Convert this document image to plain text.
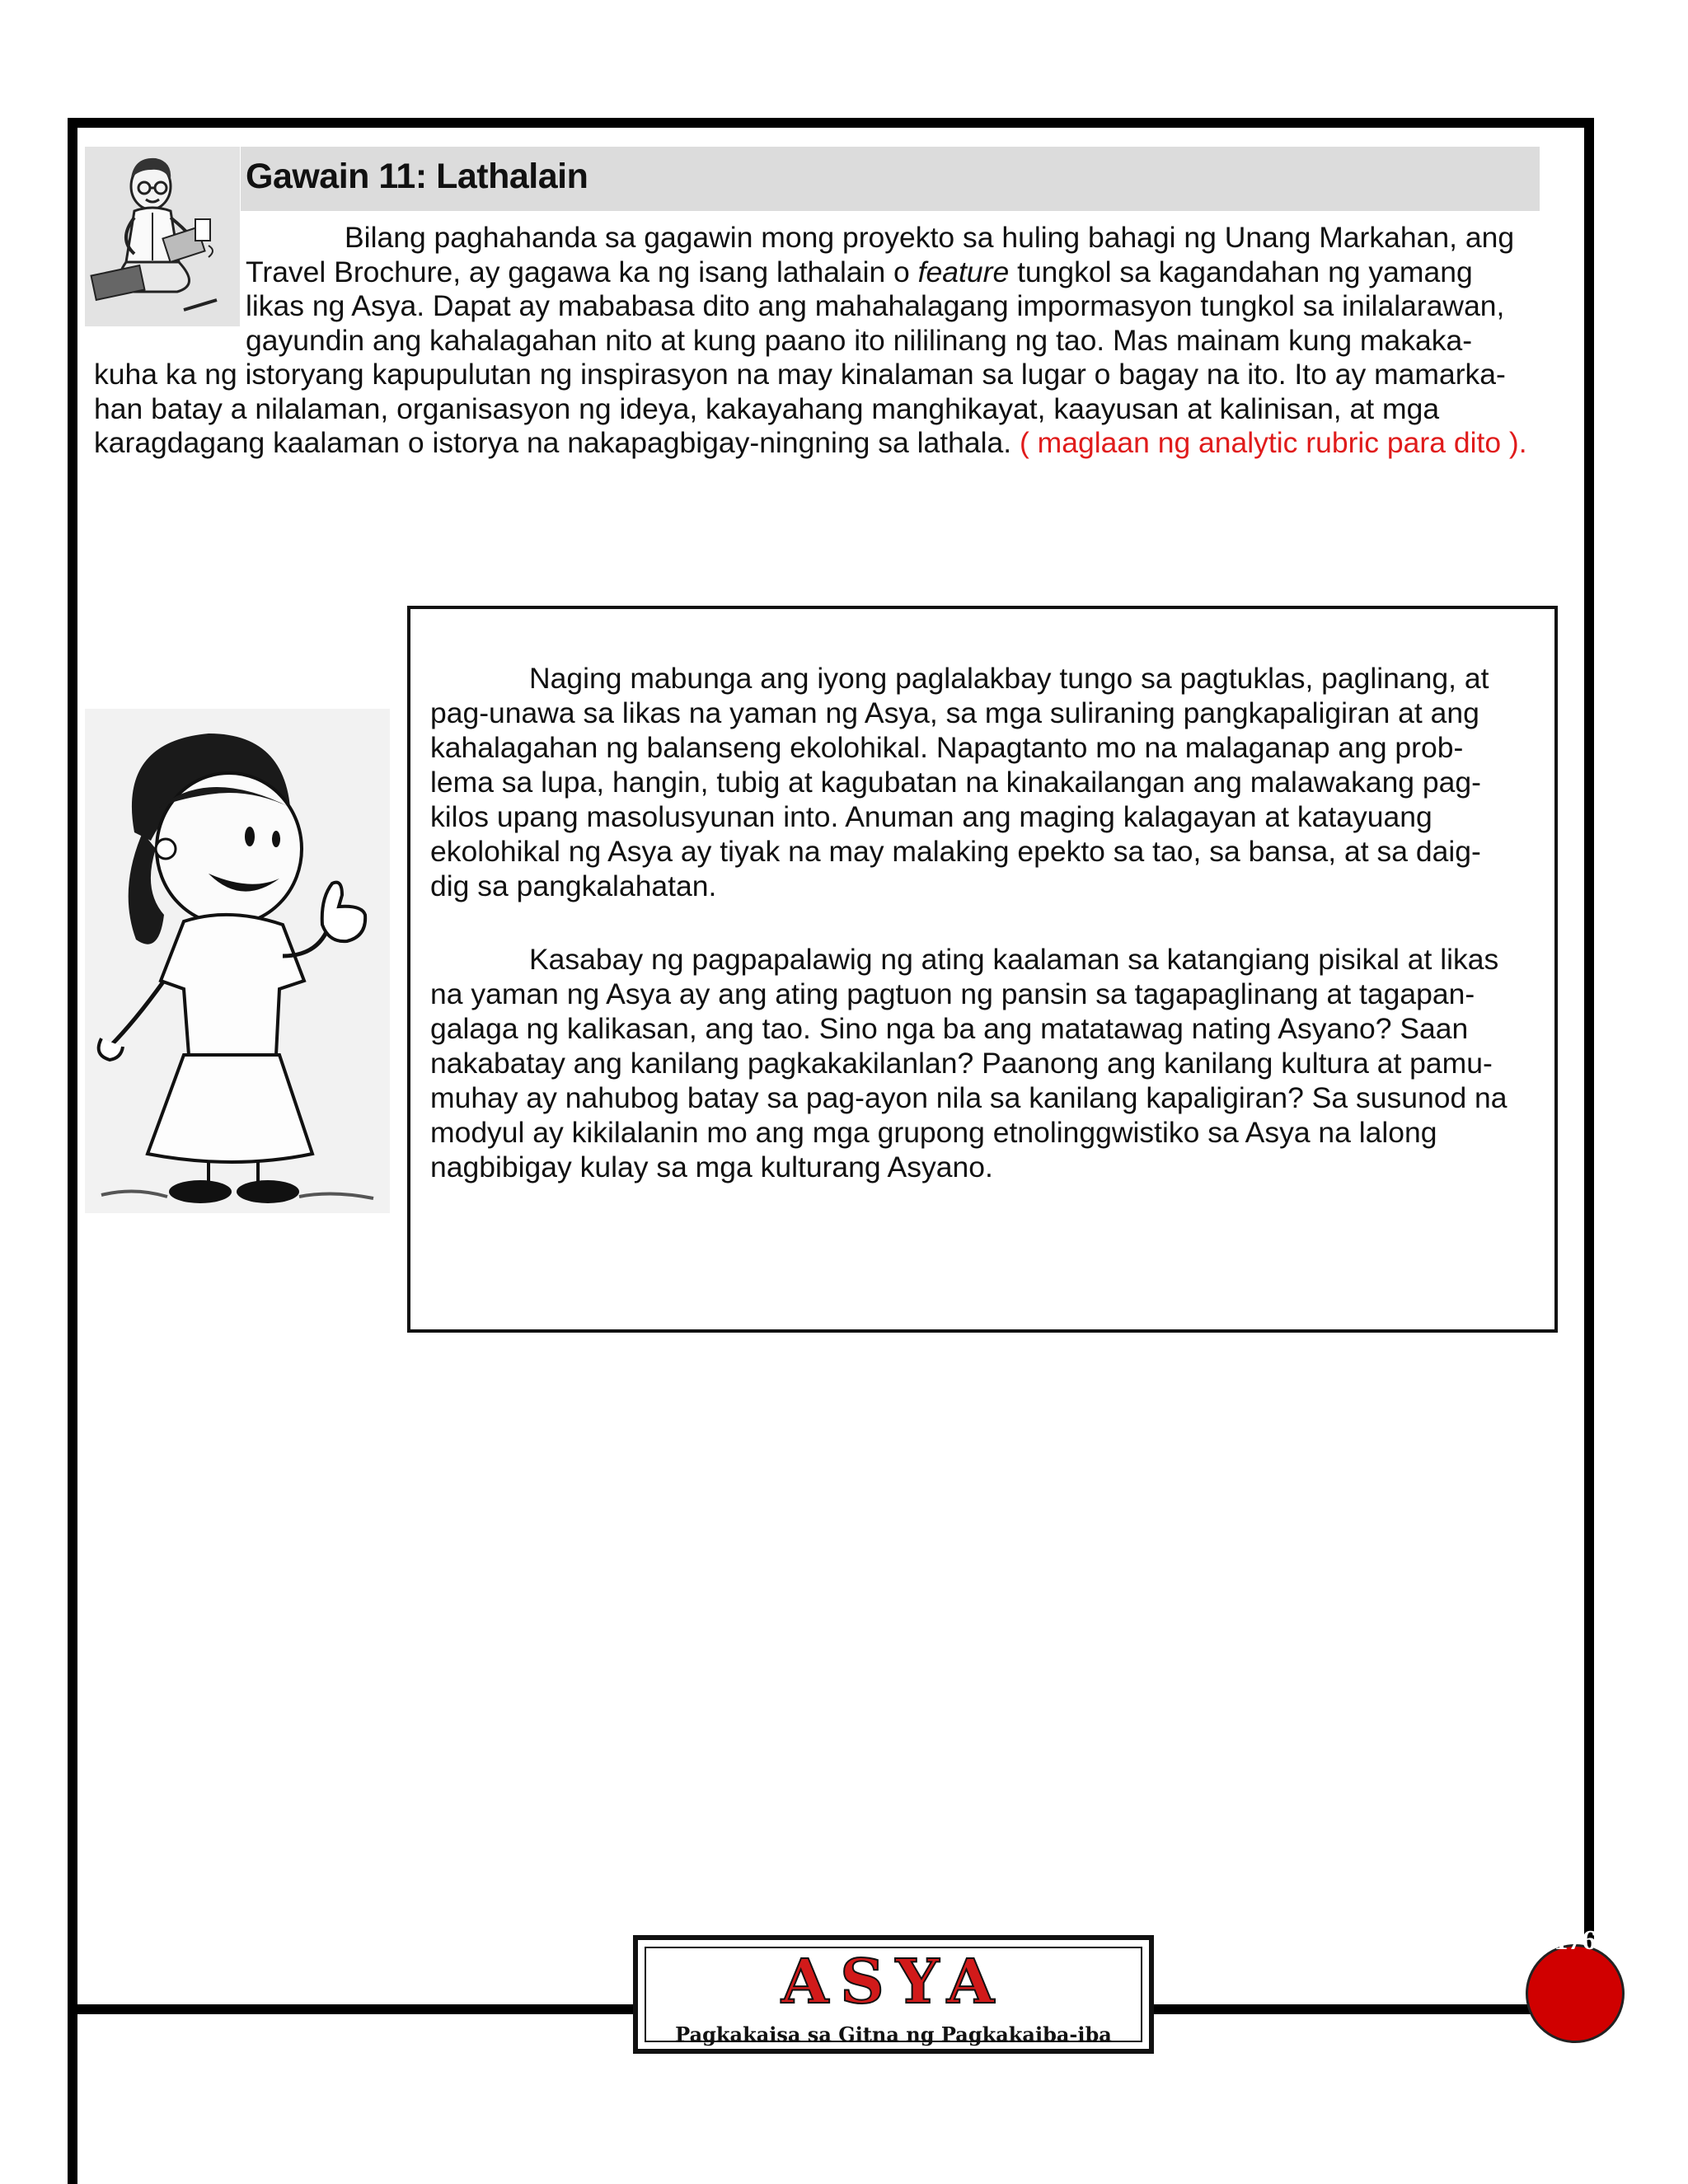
Gawain 11: Lathalain

Bilang paghahanda sa gagawin mong proyekto sa huling bahagi ng Unang Markahan, ang
Travel Brochure, ay gagawa ka ng isang lathalain o feature tungkol sa kagandahan ng yamang
likas ng Asya. Dapat ay mababasa dito ang mahahalagang impormasyon tungkol sa inilalarawan,
gayundin ang kahalagahan nito at kung paano ito nililinang ng tao. Mas mainam kung makaka-

kuha ka ng istoryang kapupulutan ng inspirasyon na may kinalaman sa lugar o bagay na ito. Ito ay mamarka-
han batay a nilalaman, organisasyon ng ideya, kakayahang manghikayat, kaayusan at kalinisan, at mga
karagdagang kaalaman o istorya na nakapagbigay-ningning sa lathala. ( maglaan ng analytic rubric para dito ).

Naging mabunga ang iyong paglalakbay tungo sa pagtuklas, paglinang, at
pag-unawa sa likas na yaman ng Asya, sa mga suliraning pangkapaligiran at ang
kahalagahan ng balanseng ekolohikal. Napagtanto mo na malaganap ang prob-
lema sa lupa, hangin, tubig at kagubatan na kinakailangan ang malawakang pag-
kilos upang masolusyunan into. Anuman ang maging kalagayan at katayuang
ekolohikal ng Asya ay tiyak na may malaking epekto sa tao, sa bansa, at sa daig-
dig sa pangkalahatan.

Kasabay ng pagpapalawig ng ating kaalaman sa katangiang pisikal at likas
na yaman ng Asya ay ang ating pagtuon ng pansin sa tagapaglinang at tagapan-
galaga ng kalikasan, ang tao. Sino nga ba ang matatawag nating Asyano? Saan
nakabatay ang kanilang pagkakakilanlan? Paanong ang kanilang kultura at pamu-
muhay ay nahubog batay sa pag-ayon nila sa kanilang kapaligiran? Sa susunod na
modyul ay kikilalanin mo ang mga grupong etnolinggwistiko sa Asya na lalong
nagbibigay kulay sa mga kulturang Asyano.

ASYA
Pagkakaisa sa Gitna ng Pagkakaiba-iba
176
